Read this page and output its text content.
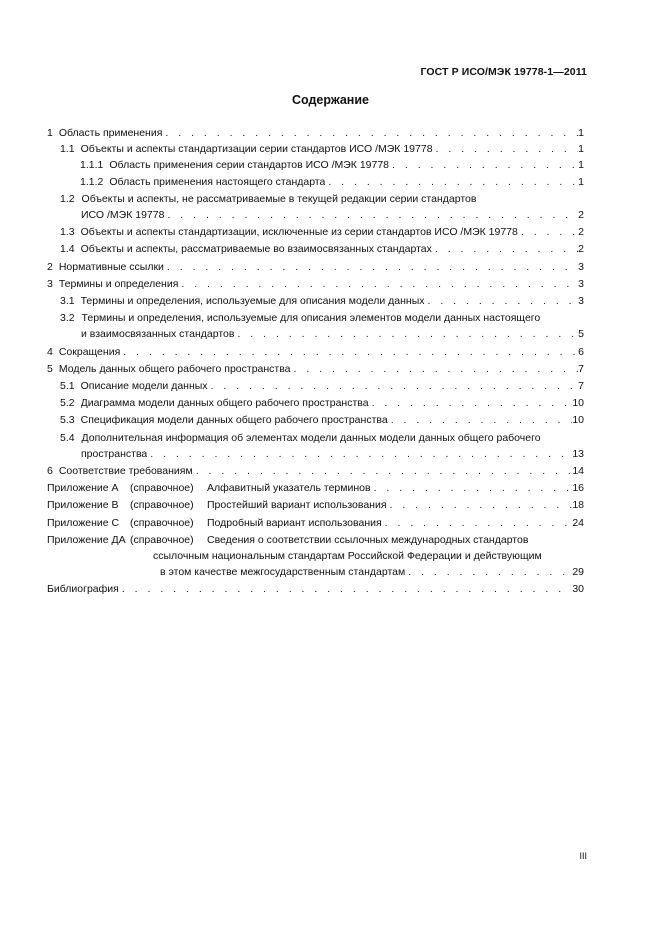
ГОСТ Р ИСО/МЭК 19778-1—2011
Содержание
1 Область применения . . .	1
1.1 Объекты и аспекты стандартизации серии стандартов ИСО /МЭК 19778 . . .	1
1.1.1 Область применения серии стандартов ИСО /МЭК 19778 . . .	1
1.1.2 Область применения настоящего стандарта . . .	1
1.2 Объекты и аспекты, не рассматриваемые в текущей редакции серии стандартов
ИСО /МЭК 19778 . . .	2
1.3 Объекты и аспекты стандартизации, исключенные из серии стандартов ИСО /МЭК 19778 . . .	2
1.4 Объекты и аспекты, рассматриваемые во взаимосвязанных стандартах . . .	2
2 Нормативные ссылки . . .	3
3 Термины и определения . . .	3
3.1 Термины и определения, используемые для описания модели данных . . .	3
3.2 Термины и определения, используемые для описания элементов модели данных настоящего
и взаимосвязанных стандартов . . .	5
4 Сокращения . . .	6
5 Модель данных общего рабочего пространства . . .	7
5.1 Описание модели данных . . .	7
5.2 Диаграмма модели данных общего рабочего пространства . . .	10
5.3 Спецификация модели данных общего рабочего пространства . . .	10
5.4 Дополнительная информация об элементах модели данных модели данных общего рабочего
пространства . . .	13
6 Соответствие требованиям . . .	14
Приложение А	(справочное)	Алфавитный указатель терминов . . .	16
Приложение В	(справочное)	Простейший вариант использования . . .	18
Приложение С	(справочное)	Подробный вариант использования . . .	24
Приложение ДА (справочное) Сведения о соответствии ссылочных международных стандартов
ссылочным национальным стандартам Российской Федерации и действующим
в этом качестве межгосударственным стандартам . . .	29
Библиография . . .	30
III
